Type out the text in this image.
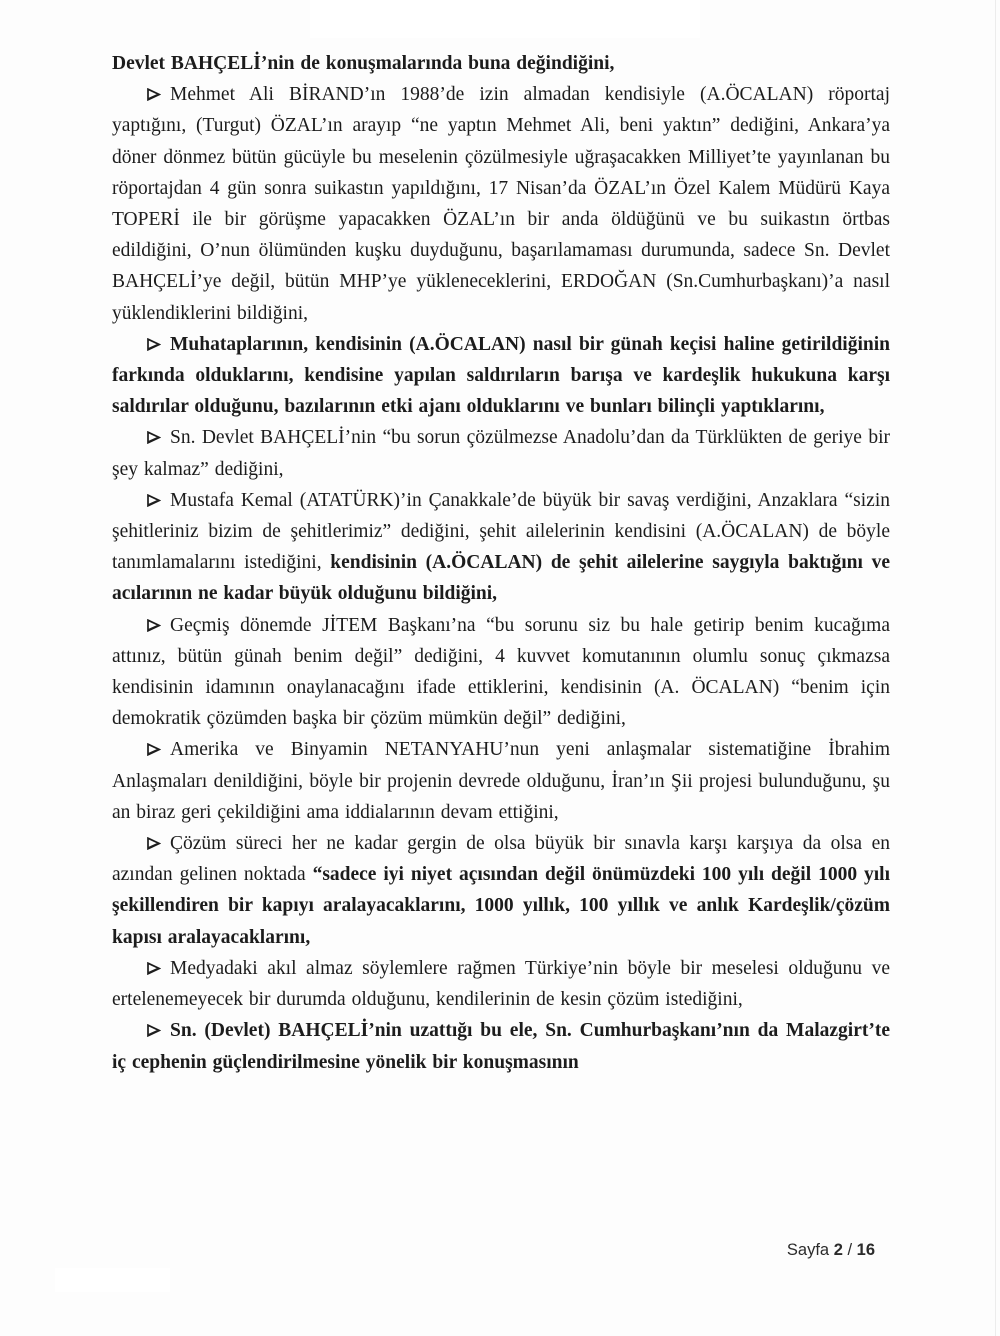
Devlet BAHÇELİ’nin de konuşmalarında buna değindiğini,

Mehmet Ali BİRAND’ın 1988’de izin almadan kendisiyle (A.ÖCALAN) röportaj yaptığını, (Turgut) ÖZAL’ın arayıp “ne yaptın Mehmet Ali, beni yaktın” dediğini, Ankara’ya döner dönmez bütün gücüyle bu meselenin çözülmesiyle uğraşacakken Milliyet’te yayınlanan bu röportajdan 4 gün sonra suikastın yapıldığını, 17 Nisan’da ÖZAL’ın Özel Kalem Müdürü Kaya TOPERİ ile bir görüşme yapacakken ÖZAL’ın bir anda öldüğünü ve bu suikastın örtbas edildiğini, O’nun ölümünden kuşku duyduğunu, başarılamaması durumunda, sadece Sn. Devlet BAHÇELİ’ye değil, bütün MHP’ye yükleneceklerini, ERDOĞAN (Sn.Cumhurbaşkanı)’a nasıl yüklendiklerini bildiğini,

Muhataplarının, kendisinin (A.ÖCALAN) nasıl bir günah keçisi haline getirildiğinin farkında olduklarını, kendisine yapılan saldırıların barışa ve kardeşlik hukukuna karşı saldırılar olduğunu, bazılarının etki ajanı olduklarını ve bunları bilinçli yaptıklarını,

Sn. Devlet BAHÇELİ’nin “bu sorun çözülmezse Anadolu’dan da Türklükten de geriye bir şey kalmaz” dediğini,

Mustafa Kemal (ATATÜRK)’in Çanakkale’de büyük bir savaş verdiğini, Anzaklara “sizin şehitleriniz bizim de şehitlerimiz” dediğini, şehit ailelerinin kendisini (A.ÖCALAN) de böyle tanımlamalarını istediğini, kendisinin (A.ÖCALAN) de şehit ailelerine saygıyla baktığını ve acılarının ne kadar büyük olduğunu bildiğini,

Geçmiş dönemde JİTEM Başkanı’na “bu sorunu siz bu hale getirip benim kucağıma attınız, bütün günah benim değil” dediğini, 4 kuvvet komutanının olumlu sonuç çıkmazsa kendisinin idamının onaylanacağını ifade ettiklerini, kendisinin (A. ÖCALAN) “benim için demokratik çözümden başka bir çözüm mümkün değil” dediğini,

Amerika ve Binyamin NETANYAHU’nun yeni anlaşmalar sistematiğine İbrahim Anlaşmaları denildiğini, böyle bir projenin devrede olduğunu, İran’ın Şii projesi bulunduğunu, şu an biraz geri çekildiğini ama iddialarının devam ettiğini,

Çözüm süreci her ne kadar gergin de olsa büyük bir sınavla karşı karşıya da olsa en azından gelinen noktada “sadece iyi niyet açısından değil önümüzdeki 100 yılı değil 1000 yılı şekillendiren bir kapıyı aralayacaklarını, 1000 yıllık, 100 yıllık ve anlık Kardeşlik/çözüm kapısı aralayacaklarını,

Medyadaki akıl almaz söylemlere rağmen Türkiye’nin böyle bir meselesi olduğunu ve ertelenemeyecek bir durumda olduğunu, kendilerinin de kesin çözüm istediğini,

Sn. (Devlet) BAHÇELİ’nin uzattığı bu ele, Sn. Cumhurbaşkanı’nın da Malazgirt’te iç cephenin güçlendirilmesine yönelik bir konuşmasının

Sayfa 2 / 16
